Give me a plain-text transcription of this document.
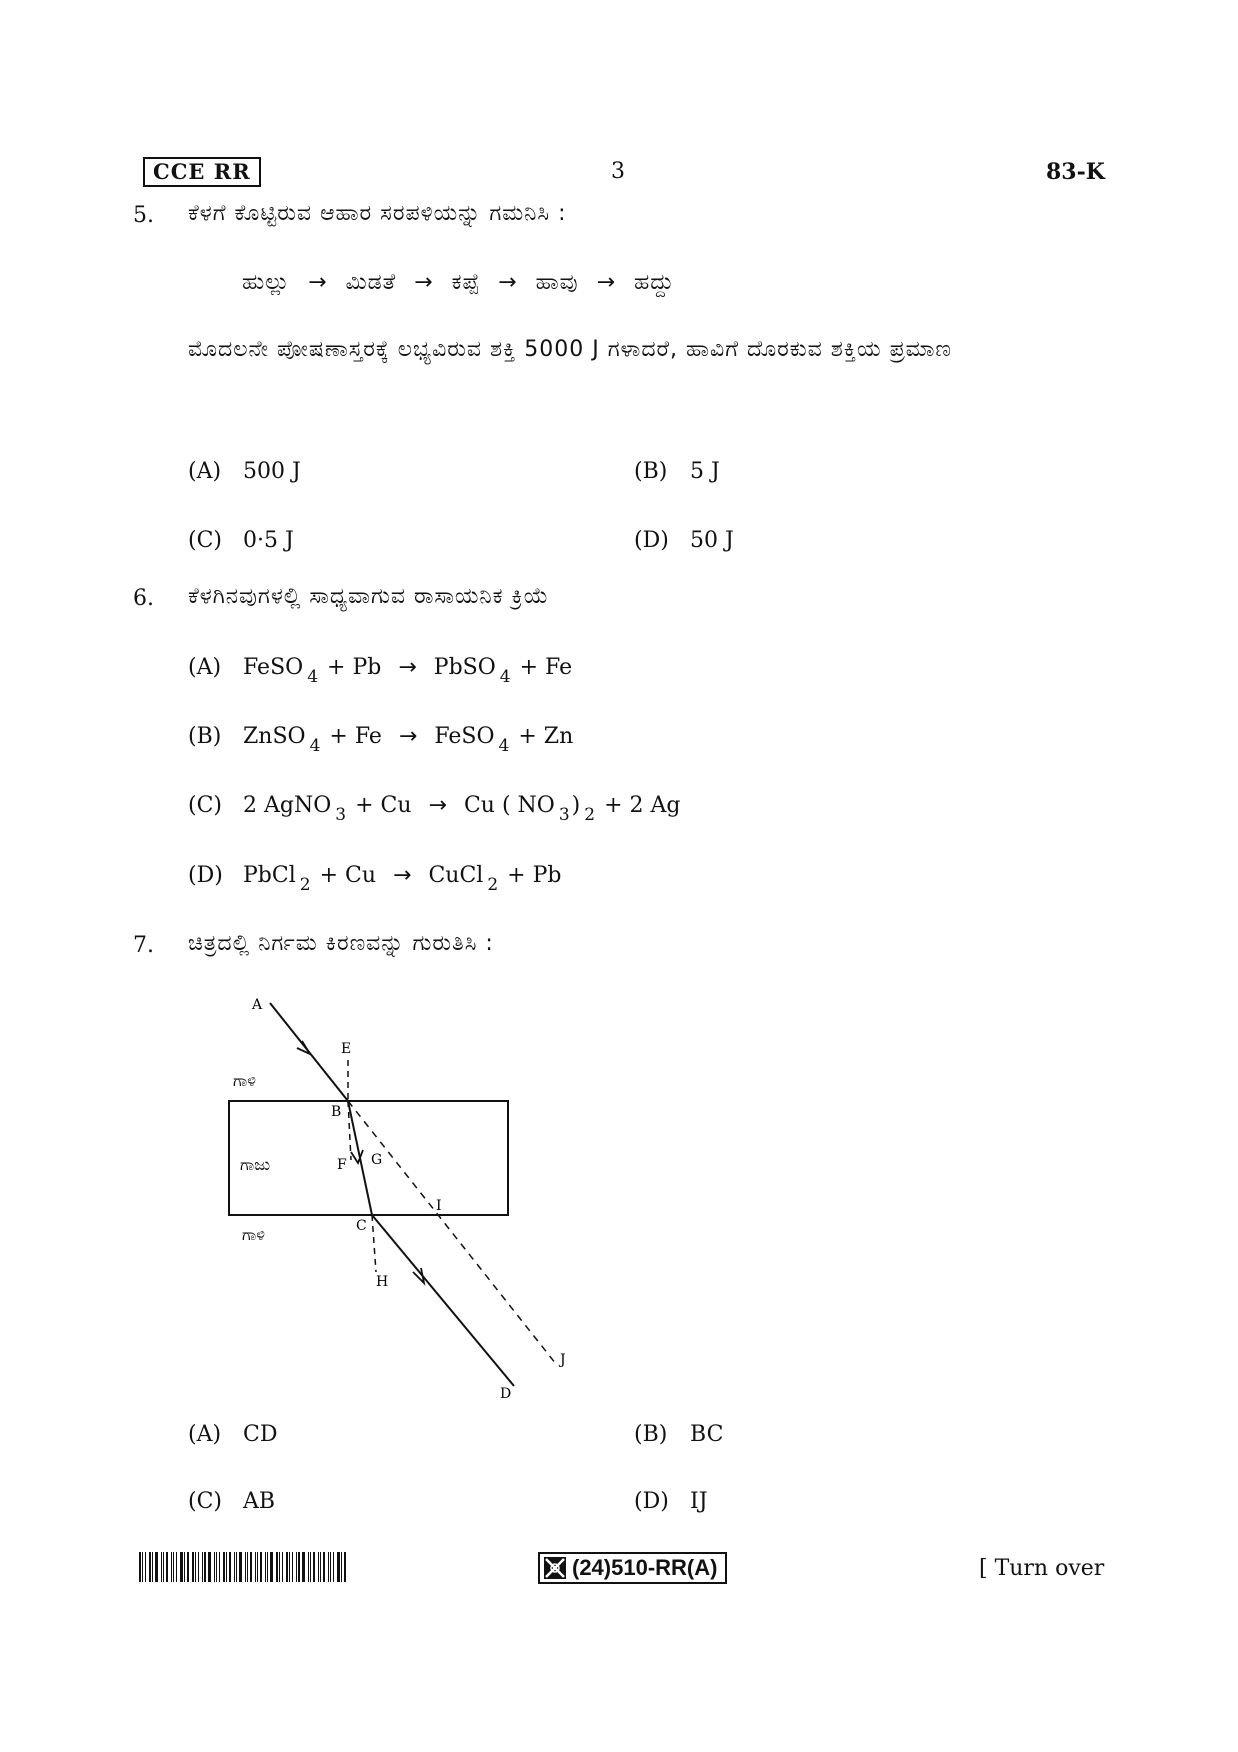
CCE RR	3	83-K
5. ಕೆಳಗೆ ಕೊಟ್ಟಿರುವ ಆಹಾರ ಸರಪಳಿಯನ್ನು ಗಮನಿಸಿ :
ಹುಲ್ಲು → ಮಿಡತೆ → ಕಪ್ಪೆ → ಹಾವು → ಹದ್ದು
ಮೊದಲನೇ ಪೋಷಣಾಸ್ತರಕ್ಕೆ ಲಭ್ಯವಿರುವ ಶಕ್ತಿ 5000 J ಗಳಾದರೆ, ಹಾವಿಗೆ ದೊರಕುವ ಶಕ್ತಿಯ ಪ್ರಮಾಣ
(A) 500 J	(B) 5 J
(C) 0·5 J	(D) 50 J
6. ಕೆಳಗಿನವುಗಳಲ್ಲಿ ಸಾಧ್ಯವಾಗುವ ರಾಸಾಯನಿಕ ಕ್ರಿಯೆ
(A) FeSO $_4$ + Pb → PbSO $_4$ + Fe
(B) ZnSO $_4$ + Fe → FeSO $_4$ + Zn
(C) 2 AgNO $_3$ + Cu → Cu ( NO $_3$) $_2$ + 2 Ag
(D) PbCl $_2$ + Cu → CuCl $_2$ + Pb
7. ಚಿತ್ರದಲ್ಲಿ ನಿರ್ಗಮ ಕಿರಣವನ್ನು ಗುರುತಿಸಿ :
A
E
B
F G
I
C
H
J
D
ಗಾಳಿ
ಗಾಜು
ಗಾಳಿ
(A) CD	(B) BC
(C) AB	(D) IJ
(24)510-RR(A)	[ Turn over
